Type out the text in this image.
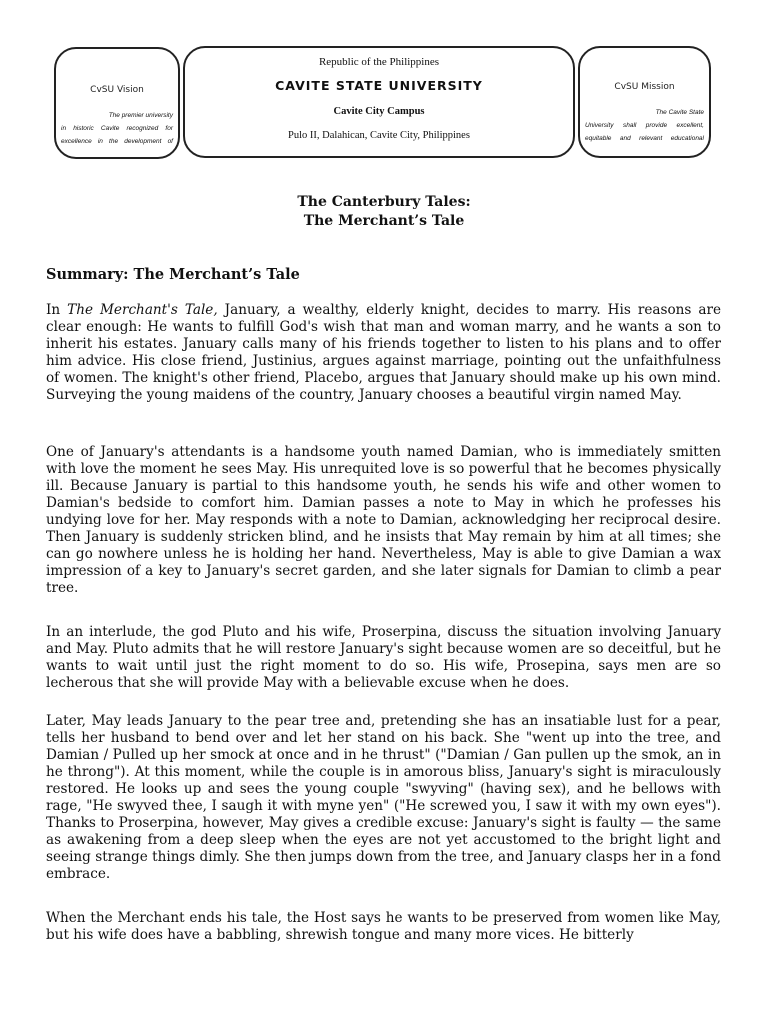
CvSU Vision
The premier university
in historic Cavite recognized for
excellence in the development of
Republic of the Philippines
CAVITE STATE UNIVERSITY
Cavite City Campus
Pulo II, Dalahican, Cavite City, Philippines
CvSU Mission
The Cavite State
University shall provide excellent,
equitable and relevant educational
The Canterbury Tales:
The Merchant’s Tale
Summary: The Merchant’s Tale

In The Merchant's Tale, January, a wealthy, elderly knight, decides to marry. His reasons are clear enough: He wants to fulfill God's wish that man and woman marry, and he wants a son to inherit his estates. January calls many of his friends together to listen to his plans and to offer him advice. His close friend, Justinius, argues against marriage, pointing out the unfaithfulness of women. The knight's other friend, Placebo, argues that January should make up his own mind. Surveying the young maidens of the country, January chooses a beautiful virgin named May.

One of January's attendants is a handsome youth named Damian, who is immediately smitten with love the moment he sees May. His unrequited love is so powerful that he becomes physically ill. Because January is partial to this handsome youth, he sends his wife and other women to Damian's bedside to comfort him. Damian passes a note to May in which he professes his undying love for her. May responds with a note to Damian, acknowledging her reciprocal desire. Then January is suddenly stricken blind, and he insists that May remain by him at all times; she can go nowhere unless he is holding her hand. Nevertheless, May is able to give Damian a wax impression of a key to January's secret garden, and she later signals for Damian to climb a pear tree.

In an interlude, the god Pluto and his wife, Proserpina, discuss the situation involving January and May. Pluto admits that he will restore January's sight because women are so deceitful, but he wants to wait until just the right moment to do so. His wife, Prosepina, says men are so lecherous that she will provide May with a believable excuse when he does.

Later, May leads January to the pear tree and, pretending she has an insatiable lust for a pear, tells her husband to bend over and let her stand on his back. She "went up into the tree, and Damian / Pulled up her smock at once and in he thrust" ("Damian / Gan pullen up the smok, an in he throng"). At this moment, while the couple is in amorous bliss, January's sight is miraculously restored. He looks up and sees the young couple "swyving" (having sex), and he bellows with rage, "He swyved thee, I saugh it with myne yen" ("He screwed you, I saw it with my own eyes"). Thanks to Proserpina, however, May gives a credible excuse: January's sight is faulty — the same as awakening from a deep sleep when the eyes are not yet accustomed to the bright light and seeing strange things dimly. She then jumps down from the tree, and January clasps her in a fond embrace.

When the Merchant ends his tale, the Host says he wants to be preserved from women like May, but his wife does have a babbling, shrewish tongue and many more vices. He bitterly
